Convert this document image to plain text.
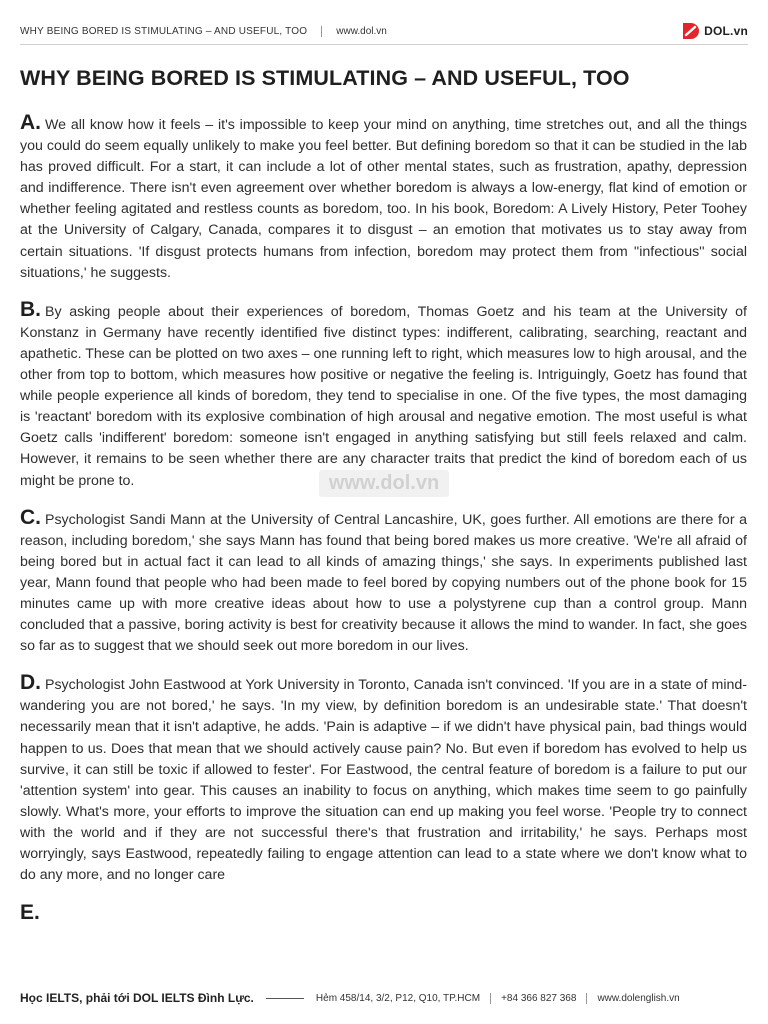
WHY BEING BORED IS STIMULATING – AND USEFUL, TOO	www.dol.vn	DOL.vn
WHY BEING BORED IS STIMULATING – AND USEFUL, TOO

A. We all know how it feels – it's impossible to keep your mind on anything, time stretches out, and all the things you could do seem equally unlikely to make you feel better. But defining boredom so that it can be studied in the lab has proved difficult. For a start, it can include a lot of other mental states, such as frustration, apathy, depression and indifference. There isn't even agreement over whether boredom is always a low-energy, flat kind of emotion or whether feeling agitated and restless counts as boredom, too. In his book, Boredom: A Lively History, Peter Toohey at the University of Calgary, Canada, compares it to disgust – an emotion that motivates us to stay away from certain situations. 'If disgust protects humans from infection, boredom may protect them from ''infectious'' social situations,' he suggests.

B. By asking people about their experiences of boredom, Thomas Goetz and his team at the University of Konstanz in Germany have recently identified five distinct types: indifferent, calibrating, searching, reactant and apathetic. These can be plotted on two axes – one running left to right, which measures low to high arousal, and the other from top to bottom, which measures how positive or negative the feeling is. Intriguingly, Goetz has found that while people experience all kinds of boredom, they tend to specialise in one. Of the five types, the most damaging is 'reactant' boredom with its explosive combination of high arousal and negative emotion. The most useful is what Goetz calls 'indifferent' boredom: someone isn't engaged in anything satisfying but still feels relaxed and calm. However, it remains to be seen whether there are any character traits that predict the kind of boredom each of us might be prone to.

C. Psychologist Sandi Mann at the University of Central Lancashire, UK, goes further. All emotions are there for a reason, including boredom,' she says Mann has found that being bored makes us more creative. 'We're all afraid of being bored but in actual fact it can lead to all kinds of amazing things,' she says. In experiments published last year, Mann found that people who had been made to feel bored by copying numbers out of the phone book for 15 minutes came up with more creative ideas about how to use a polystyrene cup than a control group. Mann concluded that a passive, boring activity is best for creativity because it allows the mind to wander. In fact, she goes so far as to suggest that we should seek out more boredom in our lives.

D. Psychologist John Eastwood at York University in Toronto, Canada isn't convinced. 'If you are in a state of mind-wandering you are not bored,' he says. 'In my view, by definition boredom is an undesirable state.' That doesn't necessarily mean that it isn't adaptive, he adds. 'Pain is adaptive – if we didn't have physical pain, bad things would happen to us. Does that mean that we should actively cause pain? No. But even if boredom has evolved to help us survive, it can still be toxic if allowed to fester'. For Eastwood, the central feature of boredom is a failure to put our 'attention system' into gear. This causes an inability to focus on anything, which makes time seem to go painfully slowly. What's more, your efforts to improve the situation can end up making you feel worse. 'People try to connect with the world and if they are not successful there's that frustration and irritability,' he says. Perhaps most worryingly, says Eastwood, repeatedly failing to engage attention can lead to a state where we don't know what to do any more, and no longer care

E.
www.dol.vn
Học IELTS, phải tới DOL IELTS Đình Lực.	Hẻm 458/14, 3/2, P12, Q10, TP.HCM +84 366 827 368 www.dolenglish.vn
